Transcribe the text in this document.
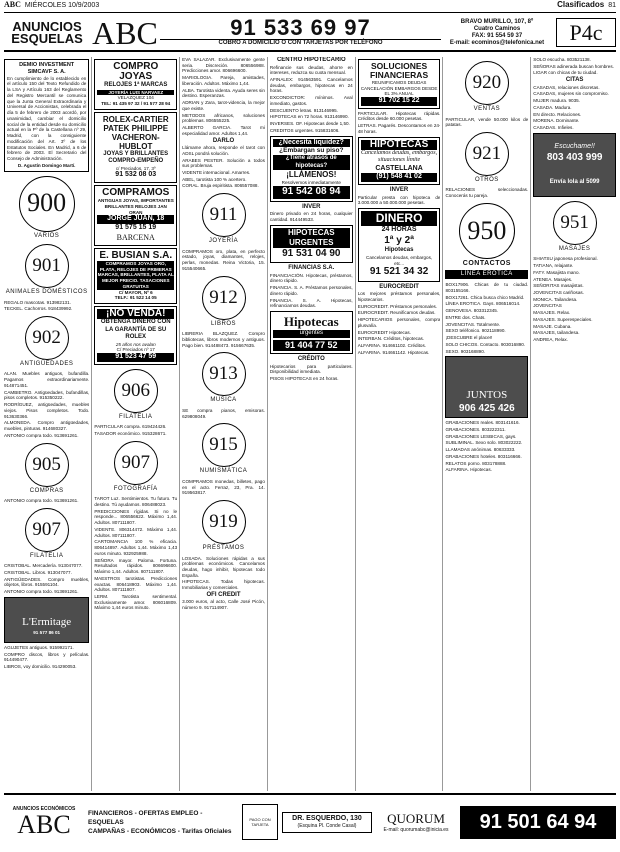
ABC MIÉRCOLES 10/9/2003	Clasificados 81
ANUNCIOS ESQUELAS ABC	91 533 69 97
COBRO A DOMICILIO O CON TARJETAS POR TELÉFONO
BRAVO MURILLO, 107, 8º
Cuatro Caminos
FAX: 91 554 59 37
E-mail: ecominos@telefonica.net	P4c
DEMIO INVESTMENT SIMCAVF S. A.

En cumplimiento de lo establecido en el artículo 150 del Texto Refundido de la LSA y Artículo 163 del Reglamento del Registro Mercantil se comunica que la Junta General Extraordinaria y Universal de Accionistas, celebrada el día 5 de febrero de 2003 acordó, por unanimidad, cambiar el domicilio social de la entidad desde su domicilio actual en la Pº de la Castellana nº 29, Madrid, con la consiguiente modificación del Art. 3º de los Estatutos Sociales. En Madrid, a 6 de febrero de 2003. El Secretario del Consejo de Administración.

D. Agustín Domingo Martí.
900
VARIOS
901
ANIMALES DOMÉSTICOS

REGALO mascotas. 913982131.

TECKEL. Cachorros. 918439992.

902
ANTIGÜEDADES

ALAN. Muebles antiguos, bufandilla. Pagamos extraordinariamente. 914871451.

CAMBIETRO. Antigüedades, bufandillas, pisos completos. 915350222.

RODRÍGUEZ, antigüedades, muebles viejos. Pisos completos. Todo. 913630366.

ALMONEDA. Compro antigüedades, muebles, pinturas. 914680327.

ANTONIO compra todo. 913691261.

905
COMPRAS

ANTONIO compra todo. 913691261.

907
FILATELIA

CRISTOBAL. Mercadería. 913047077.

CRISTOBAL. Libros. 913047077.

ANTIGÜEDADES. Compro muebles, objetos, libros. 915591104.

ANTONIO compra todo. 913691261.

L'Ermitage
91 577 86 01

AGUJETES antiguos. 915992171.

COMPRO discos, libros y películas. 914490477.

LIBROS, voy domicilio. 914290053.

COMPRO JOYAS
RELOJES 1ª MARCAS
JOYERÍA LUIS NARVAEZ
VELAZQUEZ 104
TEL: 91 435 97 32 / 91 577 28 94
ROLEX-CARTIER PATEK PHILIPPE VACHERON-HUBLOT
JOYAS Y BRILLANTES COMPRO-EMPEÑO
c/ Preciados, 17, 3º
91 532 08 03
COMPRAMOS
ANTIGUAS JOYAS, IMPORTANTES BRILLANTES RELOJES JAN ORAN
JORGE JUAN, 18
91 575 15 19
BARCENA
E. BUSIAN S.A.
COMPRAMOS JOYAS ORO, PLATA, RELOJES DE PRIMERAS MARCAS, BRILLANTES, PLATA AL MEJOR PRECIO. TASACIONES GRATUITAS
C/ MAYOR, Nº 6
TELF.: 91 522 14 05
¡NO VENDA!
OBTENGA DINERO CON LA GARANTÍA DE SU ROLEX
25 años nos avalan
C/ Preciados nº 17
91 523 47 59
906
FILATELIA

PARTICULAR compra. 619424426.

TASADOR económico. 915328671.

907
FOTOGRAFÍA

TAROT Luz. Sentimientos. Tu futuro. Tu destino. Tú ayudamos. 806488023.

PREDICCIONES rígidas. Si no le responde... 806556622. Máximo 1,44. Adultos. 807111807.

VIDENTE. 806314472. Máximo 1,44. Adultos. 807111807.

CARTOMANCIA 100 % eficacia. 806414897. Adultos 1,44. Máximo 1,43 euros minuto. 932925988.

SEÑORA mayor. Paloma. Fortuna. Resultados rápidos. 806696600. Máximo 1,44. Adultos. 807111807.

MAESTROS tarotistas. Predicciones exactas. 806418903. Máximo 1,44. Adultos. 807111807.

LERM. Tarotista sentimental. Exclusivamente amor. 806016809. Máximo 1,44 euros minuto.

EVA SALAZAR. Exclusivamente gente seria. Discreción. 806556988. Predicciones amor. 806696600.

MARIOLOGIA. Pareja, amistades, liberación. Adultos. Máximo 1,44.

ALBA. Tarotista videnta. Ayuda seres sin destino. Esperanzas.

ADRIAN y Zara, tarot-videncia, la mejor que existe.

METODOS africanos, soluciones problemas. 806555225.

ALBERTO GARCIA. Tarot mi especialidad amor. Adultos 1,44.

DARLO

Llámame ahora, responde el tarot con ADSL pondrá solución.

ARABES PESTER. Solución a todos sus problemas.

VIDENTE internacional. Amarres.

ABEL, tarotista 100 % acertero.

CORAL. Bruja espiritista. 806557088.

911
JOYERÍA

COMPRAMOS oro, plata, en perfecto estado, joyas, diamantes, relojes, perlas, monedas. Reina Victoria, 15. 915540665.

912
LIBROS

LIBRERIA BLAZQUEZ. Compro bibliotecas, libros modernos y antiguos. Pago bien. 914488473. 915667635.

913
MÚSICA

SE compra pianos, emisoras. 629808049.

915
NUMISMÁTICA

COMPRAMOS monedas, billetes, pago en el acto. Ferraz, 23, Pra. 14. 919563817.

919
PRÉSTAMOS

LOSADA. Soluciones rápidas a sus problemas económicos. Cancelamos deudas, hago inhibir, hipotecas todo España.

HIPOTECAS. Todas hipotecas. Inmobiliarias y comerciales.

OFI CREDIT

3.000 euros, al acto, Calle José Picón, número 9. 917114907.

CENTRO HIPOTECARIO

Refinancie sus deudas, ahorre en intereses, reduzca su cuota mensual.

AFINALEX: 914563591. Cancelamos deudas, embargos, hipotecas en 24 horas.

EXCONDICTOR: mínimos. Aval inmediato, gastos.

DESCUENTO letras. 913146995.

HIPOTECAS en 72 horas. 913146990.

INVERSES. OF. Hipotecas desde 1,50.

CREDITOS urgentes. 915831606.

¿Necesita liquidez?
¿Embargan su piso?
¿Tiene atrasos de hipotecas?
¡LLÁMENOS!
Resolvemos inmediatamente
91 542 08 94
INVER

Dinero privado en 24 horas, cualquier cantidad. 914449533.

HIPOTECAS URGENTES
91 531 04 90
FINANCIAS S.A.

FINANCIACIÓN. Hipotecas, préstamos, dinero rápido.

FINANCIA. S. A. Préstamos personales, dinero rápido.

FINANCIA. S. A. Hipotecas, refinanciamos deudas.

Hipotecas
urgentes
91 404 77 52
CRÉDITO

Hipotecarios para particulares. Disponibilidad inmediata.

PISOS HIPOTECAS en 24 horas.

SOLUCIONES FINANCIERAS
REUNIFICAMOS DEUDAS CANCELACIÓN EMBARGOS DESDE EL 3% ANUAL
91 702 15 22

PARTICULAR. Hipotecas rápidas. Créditos desde 60.000 pesetas.

LETRAS. Pagarés. Descontamos en 24-48 horas.

HIPOTECAS
Cancelamos deudas, embargos, situaciones límite
CASTELLANA
(91) 548 41 02
INVER

Particular presta con hipoteca de 3.000.000 a 50.000.000 pesetas.

DINERO
24 HORAS
1ª y 2ª
Hipotecas
Cancelamos deudas, embargos, etc...
91 521 34 32
EUROCREDIT

Los mejores préstamos personales, hipotecarios.

EUROCREDIT. Préstamos personales.

EUROCREDIT. Reunificamos deudas.

HIPOTECARIOS personales, compra plusvalía.

EUROCREDIT Hipotecas.

INTERBAN. Créditos, hipotecas.

ALFARINA. 914661102. Créditos.

ALFARINA. 914661142. Hipotecas.

920
VENTAS

PARTICULAR, vende 50.000 kilos de patatas.

921
OTROS

RELACIONES seleccionadas. Conocerás tu pareja.

950
CONTACTOS
LÍNEA ERÓTICA

BOX17906. Chicas de tu ciudad. 803155166.

BOX17261. Chica busca chico Madrid.

LÍNEA EROTICA. Gays. 806516014.

GENOVESA. 803312345.

ENTRE dos. Chats.

JOVENCITAS. Totalmente.

SEXO teléfonico. 902118990.

¡DESCUBRE el placer!

SOLO CHICOS. Contacto. 903016890.

SEXO. 903168890.

JUNTOS
906 425 426

GRABACIONES reales. 803141616.

GRABACIONES. 803222311.

GRABACIONES LESBICAS, gays.

SUBLIMINAL. Sexo solo. 803022222.

LLAMADAS anónimas. 80633333.

GRABACIONES hoteles. 803116666.

RELATOS porno. 803178888.

ALFARINA. Hipotecas.

SOLO escucha. 803521138.

SEÑORAS adinerada buscan hombres.

LIGAR con chicas de tu ciudad.

CITAS

CASADAS, relaciones discretas.

CASADAS, mujeres sin compromiso.

MUJER madura. 9035.

CASADA. Madura.

EN directo. Relaciones.

MORENA. Dominante.

CASADAS. Infieles.

Escuchame!!
803 403 999
Envía lola al 5099
951
MASAJES

SHIATSU japonesa profesional.

TATIANA, relajante.

FATY. Masajista mano.

ATENEA. Masajes.

SEÑORITAS masajistas.

JOVENCITAS cariñosas.

MONICA. Tailandesa.

JOVENCITAS

MASAJES. Relax.

MASAJES. Superespeciales.

MASAJE. Cubana.

MASAJES, tailandesa.

ANDREA, Relax.

ANUNCIOS ECONÓMICOS
ABC	FINANCIEROS - OFERTAS EMPLEO - ESQUELAS
CAMPAÑAS - ECONÓMICOS - Tarifas Oficiales
PAGO CON TARJETA
DR. ESQUERDO, 130
(Esquina Pl. Conde Casal)
QUORUM
E-mail: quorumabc@inicia.es	91 501 64 94
